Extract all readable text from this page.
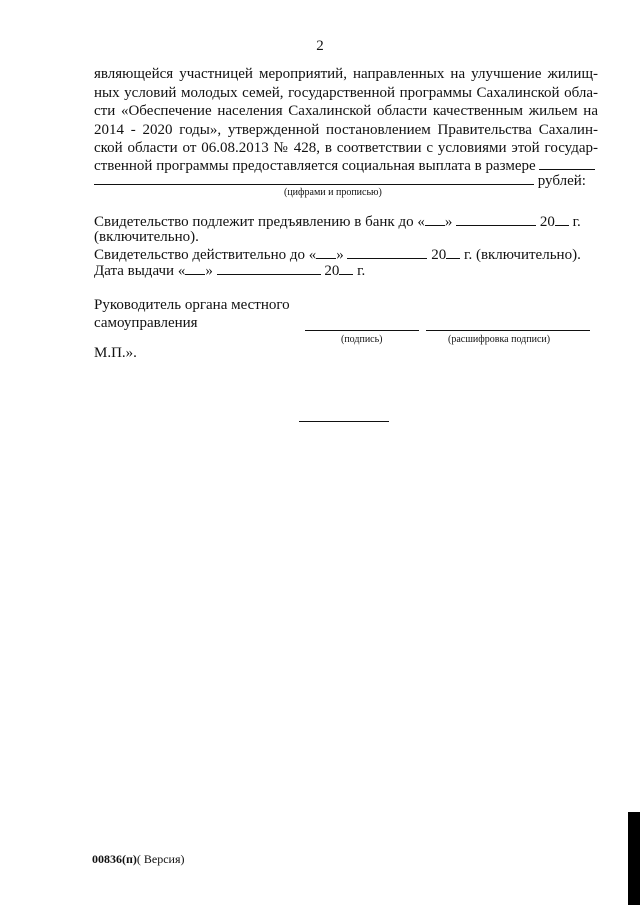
2
являющейся участницей мероприятий, направленных на улучшение жилищ-
ных условий молодых семей, государственной программы Сахалинской обла-
сти «Обеспечение населения Сахалинской области качественным жильем на
2014 - 2020 годы», утвержденной постановлением Правительства Сахалин-
ской области от 06.08.2013 № 428, в соответствии с условиями этой государ-
ственной программы предоставляется социальная выплата в размере
рублей:
(цифрами и прописью)
Свидетельство подлежит предъявлению в банк до « »	20 г.
(включительно).
Свидетельство действительно до « »	20 г. (включительно).
Дата выдачи « »	20 г.
Руководитель органа местного
самоуправления
(подпись)	(расшифровка подписи)
М.П.».
00836(п)( Версия)
